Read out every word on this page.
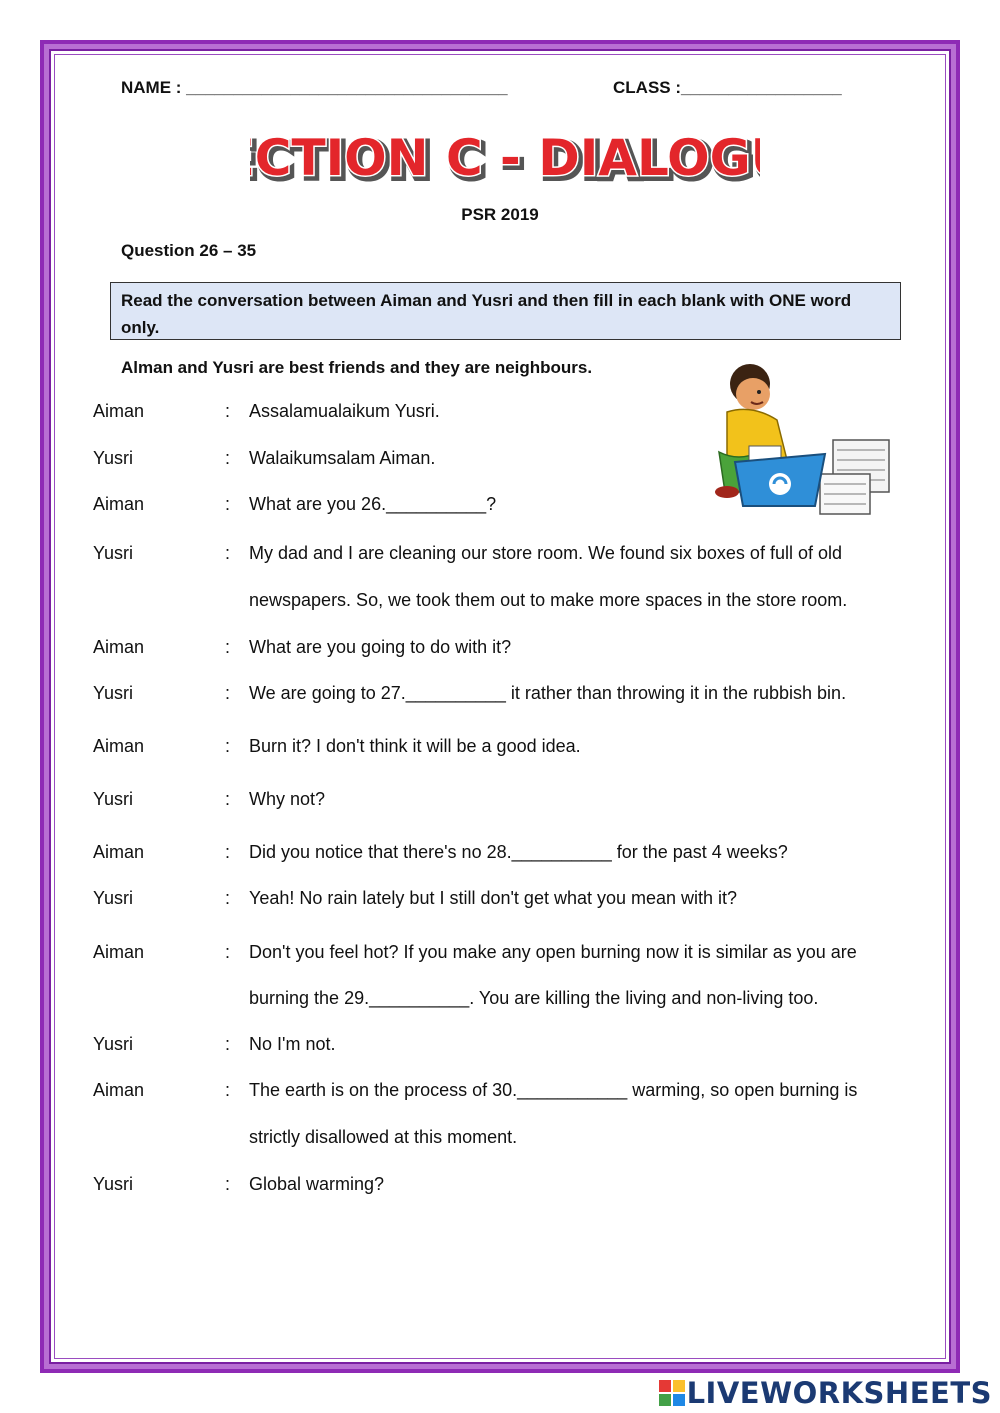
NAME : __________________________________	CLASS :_________________
CTION C - DIALOG
CTION C - DIALOG
PSR 2019
Question 26 – 35
Read the conversation between Aiman and Yusri and then fill in each blank with ONE word only.
Alman and Yusri are best friends and they are neighbours.
Aiman	: Assalamualaikum Yusri.
Yusri	: Walaikumsalam Aiman.
Aiman	: What are you 26.__________?
Yusri	: My dad and I are cleaning our store room. We found six boxes of full of old
newspapers. So, we took them out to make more spaces in the store room.
Aiman	: What are you going to do with it?
Yusri	: We are going to 27.__________ it rather than throwing it in the rubbish bin.
Aiman	: Burn it? I don't think it will be a good idea.
Yusri	: Why not?
Aiman	: Did you notice that there's no 28.__________ for the past 4 weeks?
Yusri	: Yeah! No rain lately but I still don't get what you mean with it?
Aiman	: Don't you feel hot? If you make any open burning now it is similar as you are
burning the 29.__________. You are killing the living and non-living too.
Yusri	: No I'm not.
Aiman	: The earth is on the process of 30.___________ warming, so open burning is
strictly disallowed at this moment.
Yusri	: Global warming?
LIVEWORKSHEETS
